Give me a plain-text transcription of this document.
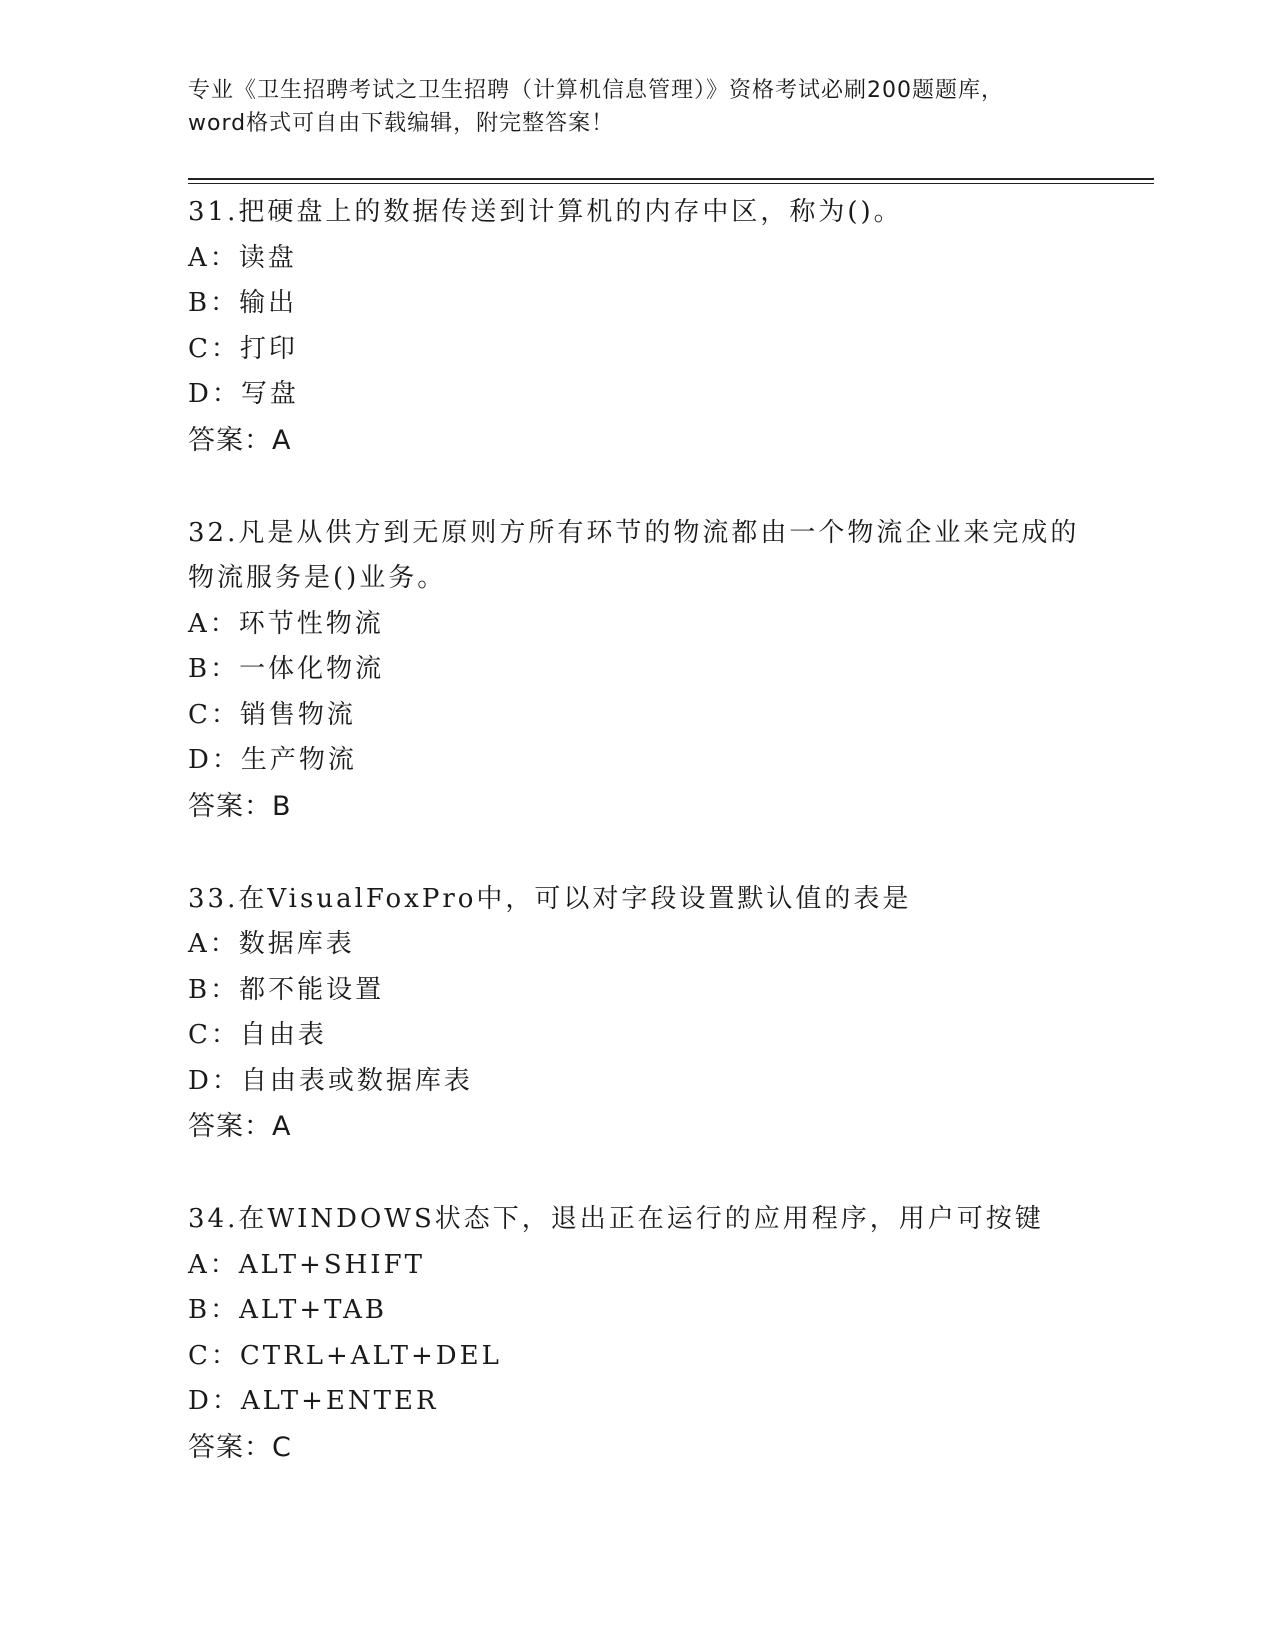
专业《卫生招聘考试之卫生招聘（计算机信息管理）》资格考试必刷200题题库，
word格式可自由下载编辑，附完整答案！
31.把硬盘上的数据传送到计算机的内存中区，称为()。
A：读盘
B：输出
C：打印
D：写盘
答案：A
32.凡是从供方到无原则方所有环节的物流都由一个物流企业来完成的
物流服务是()业务。
A：环节性物流
B：一体化物流
C：销售物流
D：生产物流
答案：B
33.在VisualFoxPro中，可以对字段设置默认值的表是
A：数据库表
B：都不能设置
C：自由表
D：自由表或数据库表
答案：A
34.在WINDOWS状态下，退出正在运行的应用程序，用户可按键
A：ALT+SHIFT
B：ALT+TAB
C：CTRL+ALT+DEL
D：ALT+ENTER
答案：C
